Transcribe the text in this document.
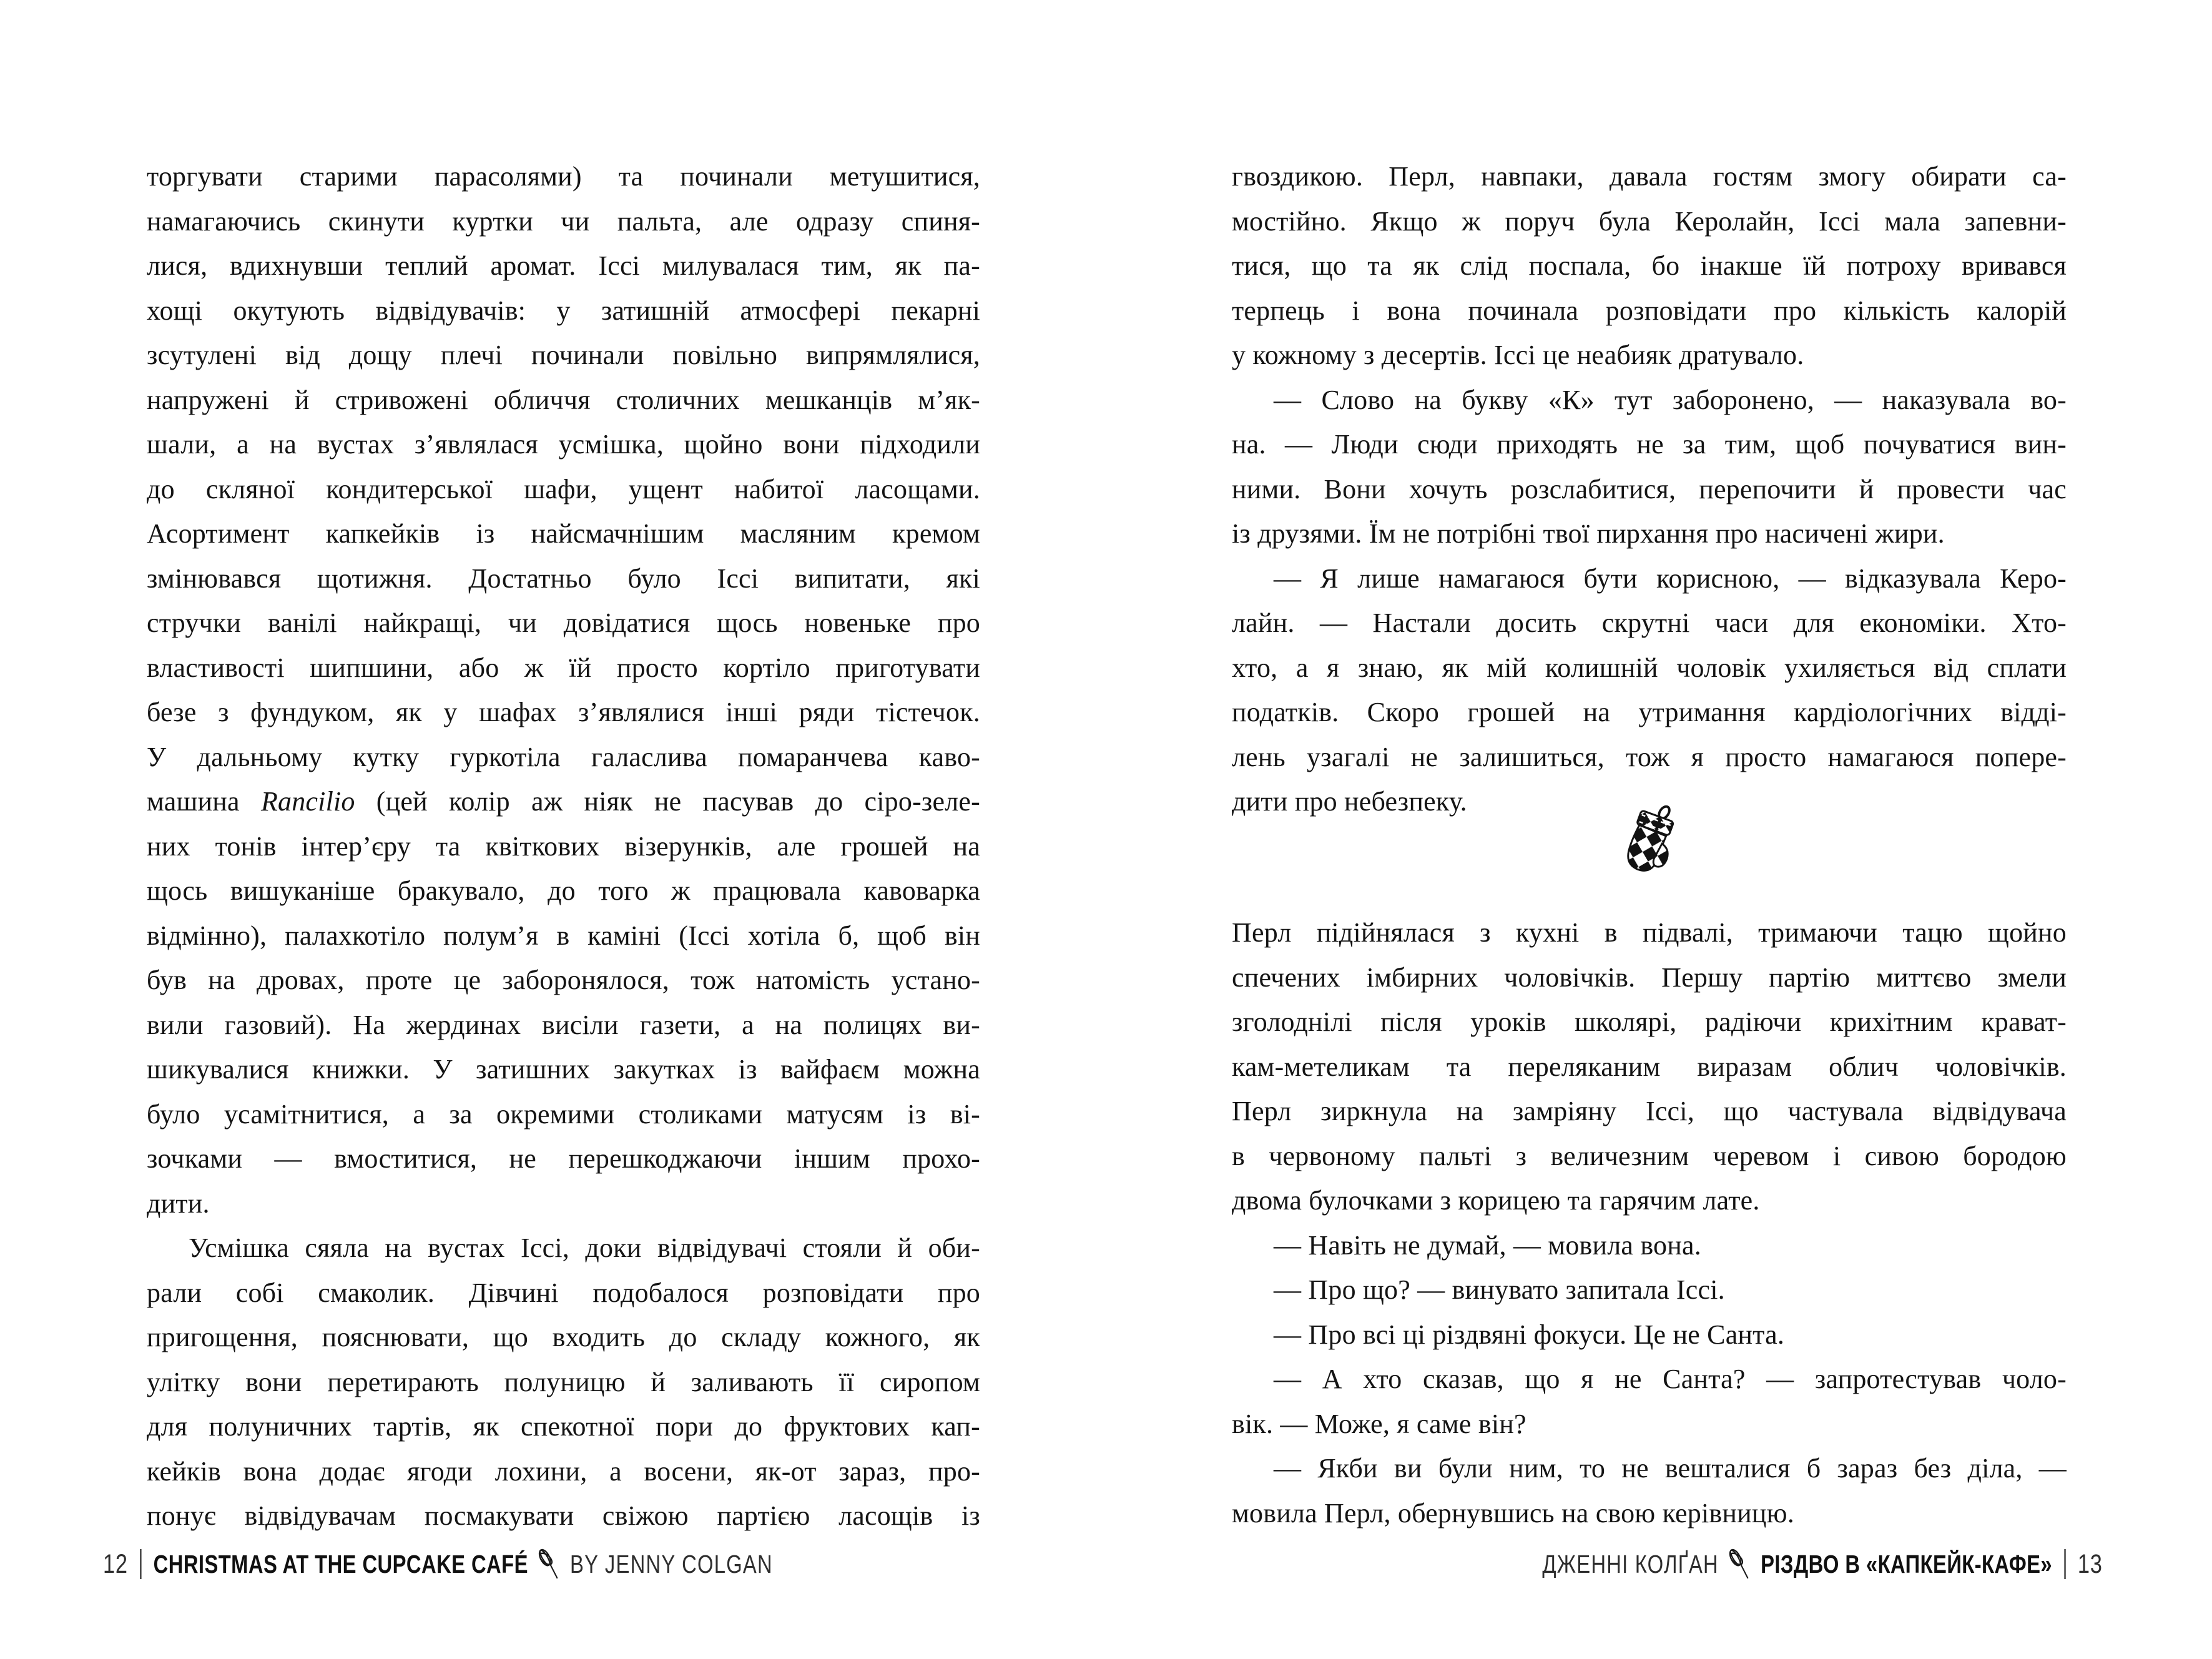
торгувати старими парасолями) та починали метушитися,
намагаючись скинути куртки чи пальта, але одразу спиня-
лися, вдихнувши теплий аромат. Іссі милувалася тим, як па-
хощі окутують відвідувачів: у затишній атмосфері пекарні
зсутулені від дощу плечі починали повільно випрямлялися,
напружені й стривожені обличчя столичних мешканців м’як-
шали, а на вустах з’являлася усмішка, щойно вони підходили
до скляної кондитерської шафи, ущент набитої ласощами.
Асортимент капкейків із найсмачнішим масляним кремом
змінювався щотижня. Достатньо було Іссі випитати, які
стручки ванілі найкращі, чи довідатися щось новеньке про
властивості шипшини, або ж їй просто кортіло приготувати
безе з фундуком, як у шафах з’являлися інші ряди тістечок.
У дальньому кутку гуркотіла галаслива помаранчева каво-
машина Rancilio (цей колір аж ніяк не пасував до сіро-зеле-
них тонів інтер’єру та квіткових візерунків, але грошей на
щось вишуканіше бракувало, до того ж працювала кавоварка
відмінно), палахкотіло полум’я в каміні (Іссі хотіла б, щоб він
був на дровах, проте це заборонялося, тож натомість устано-
вили газовий). На жердинах висіли газети, а на полицях ви-
шикувалися книжки. У затишних закутках із вайфаєм можна
було усамітнитися, а за окремими столиками матусям із ві-
зочками — вмоститися, не перешкоджаючи іншим прохо-
дити.
Усмішка сяяла на вустах Іссі, доки відвідувачі стояли й оби-
рали собі смаколик. Дівчині подобалося розповідати про
пригощення, пояснювати, що входить до складу кожного, як
улітку вони перетирають полуницю й заливають її сиропом
для полуничних тартів, як спекотної пори до фруктових кап-
кейків вона додає ягоди лохини, а восени, як-от зараз, про-
понує відвідувачам посмакувати свіжою партією ласощів із
12 CHRISTMAS AT THE CUPCAKE CAFÉ BY JENNY COLGAN
гвоздикою. Перл, навпаки, давала гостям змогу обирати са-
мостійно. Якщо ж поруч була Керолайн, Іссі мала запевни-
тися, що та як слід поспала, бо інакше їй потроху вривався
терпець і вона починала розповідати про кількість калорій
у кожному з десертів. Іссі це неабияк дратувало.
— Слово на букву «К» тут заборонено, — наказувала во-
на. — Люди сюди приходять не за тим, щоб почуватися вин-
ними. Вони хочуть розслабитися, перепочити й провести час
із друзями. Їм не потрібні твої пирхання про насичені жири.
— Я лише намагаюся бути корисною, — відказувала Керо-
лайн. — Настали досить скрутні часи для економіки. Хто-
хто, а я знаю, як мій колишній чоловік ухиляється від сплати
податків. Скоро грошей на утримання кардіологічних відді-
лень узагалі не залишиться, тож я просто намагаюся попере-
дити про небезпеку.
Перл підійнялася з кухні в підвалі, тримаючи тацю щойно
спечених імбирних чоловічків. Першу партію миттєво змели
зголоднілі після уроків школярі, радіючи крихітним крават-
кам-метеликам та переляканим виразам облич чоловічків.
Перл зиркнула на замріяну Іссі, що частувала відвідувача
в червоному пальті з величезним черевом і сивою бородою
двома булочками з корицею та гарячим лате.
— Навіть не думай, — мовила вона.
— Про що? — винувато запитала Іссі.
— Про всі ці різдвяні фокуси. Це не Санта.
— А хто сказав, що я не Санта? — запротестував чоло-
вік. — Може, я саме він?
— Якби ви були ним, то не вешталися б зараз без діла, —
мовила Перл, обернувшись на свою керівницю.
ДЖЕННІ КОЛҐАН РІЗДВО В «КАПКЕЙК-КАФЕ» 13
